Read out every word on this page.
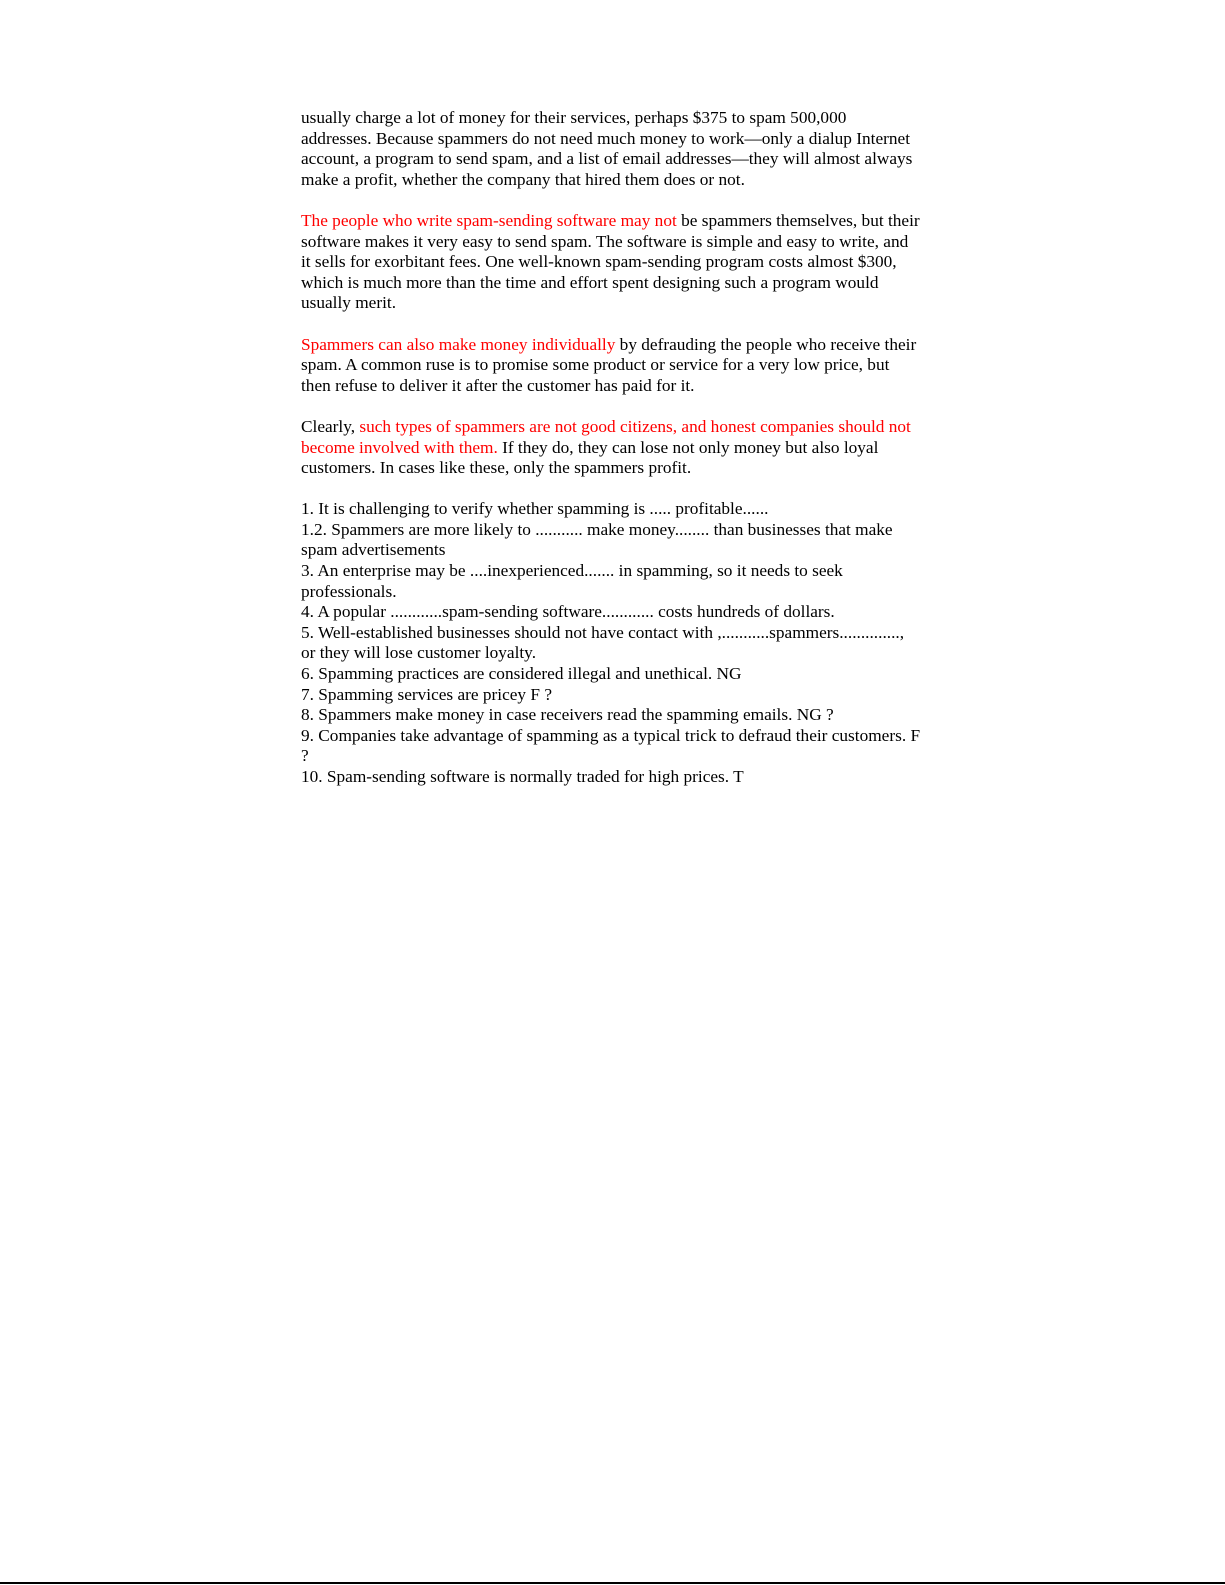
usually charge a lot of money for their services, perhaps $375 to spam 500,000 addresses. Because spammers do not need much money to work—only a dialup Internet account, a program to send spam, and a list of email addresses—they will almost always make a profit, whether the company that hired them does or not.

The people who write spam-sending software may not be spammers themselves, but their software makes it very easy to send spam. The software is simple and easy to write, and it sells for exorbitant fees. One well-known spam-sending program costs almost $300, which is much more than the time and effort spent designing such a program would usually merit.

Spammers can also make money individually by defrauding the people who receive their spam. A common ruse is to promise some product or service for a very low price, but then refuse to deliver it after the customer has paid for it.

Clearly, such types of spammers are not good citizens, and honest companies should not become involved with them. If they do, they can lose not only money but also loyal customers. In cases like these, only the spammers profit.

1. It is challenging to verify whether spamming is ..... profitable......
1.2. Spammers are more likely to ........... make money........ than businesses that make spam advertisements
3. An enterprise may be ....inexperienced....... in spamming, so it needs to seek professionals.
4. A popular ............spam-sending software............ costs hundreds of dollars.
5. Well-established businesses should not have contact with ,...........spammers.............., or they will lose customer loyalty.
6. Spamming practices are considered illegal and unethical. NG
7. Spamming services are pricey F ?
8. Spammers make money in case receivers read the spamming emails. NG ?
9. Companies take advantage of spamming as a typical trick to defraud their customers. F ?
10. Spam-sending software is normally traded for high prices. T
